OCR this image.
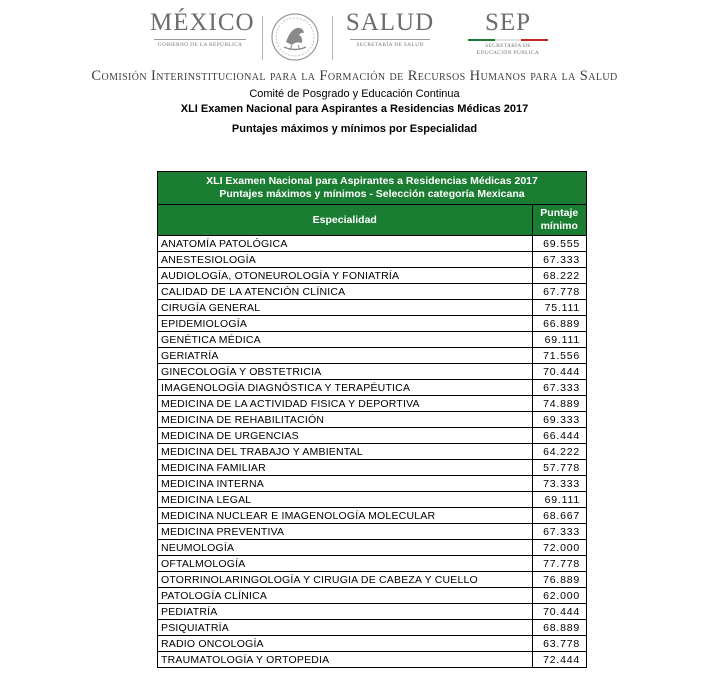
MÉXICO
GOBIERNO DE LA REPÚBLICA
SALUD
SECRETARÍA DE SALUD
SEP
SECRETARÍA DE EDUCACIÓN PÚBLICA
Comisión Interinstitucional para la Formación de Recursos Humanos para la Salud
Comité de Posgrado y Educación Continua
XLI Examen Nacional para Aspirantes a Residencias Médicas 2017
Puntajes máximos y mínimos por Especialidad
XLI Examen Nacional para Aspirantes a Residencias Médicas 2017
Puntajes máximos y mínimos - Selección categoría Mexicana
Especialidad	Puntaje mínimo
ANATOMÍA PATOLÓGICA	69.555
ANESTESIOLOGÍA	67.333
AUDIOLOGÍA, OTONEUROLOGÍA Y FONIATRÍA	68.222
CALIDAD DE LA ATENCIÓN CLÍNICA	67.778
CIRUGÍA GENERAL	75.111
EPIDEMIOLOGÍA	66.889
GENÉTICA MÉDICA	69.111
GERIATRÍA	71.556
GINECOLOGÍA Y OBSTETRICIA	70.444
IMAGENOLOGÍA DIAGNÓSTICA Y TERAPÉUTICA	67.333
MEDICINA DE LA ACTIVIDAD FISICA Y DEPORTIVA	74.889
MEDICINA DE REHABILITACIÓN	69.333
MEDICINA DE URGENCIAS	66.444
MEDICINA DEL TRABAJO Y AMBIENTAL	64.222
MEDICINA FAMILIAR	57.778
MEDICINA INTERNA	73.333
MEDICINA LEGAL	69.111
MEDICINA NUCLEAR E IMAGENOLOGÍA MOLECULAR	68.667
MEDICINA PREVENTIVA	67.333
NEUMOLOGÍA	72.000
OFTALMOLOGÍA	77.778
OTORRINOLARINGOLOGÍA Y CIRUGIA DE CABEZA Y CUELLO	76.889
PATOLOGÍA CLÍNICA	62.000
PEDIATRÍA	70.444
PSIQUIATRÍA	68.889
RADIO ONCOLOGÍA	63.778
TRAUMATOLOGÍA Y ORTOPEDIA	72.444
